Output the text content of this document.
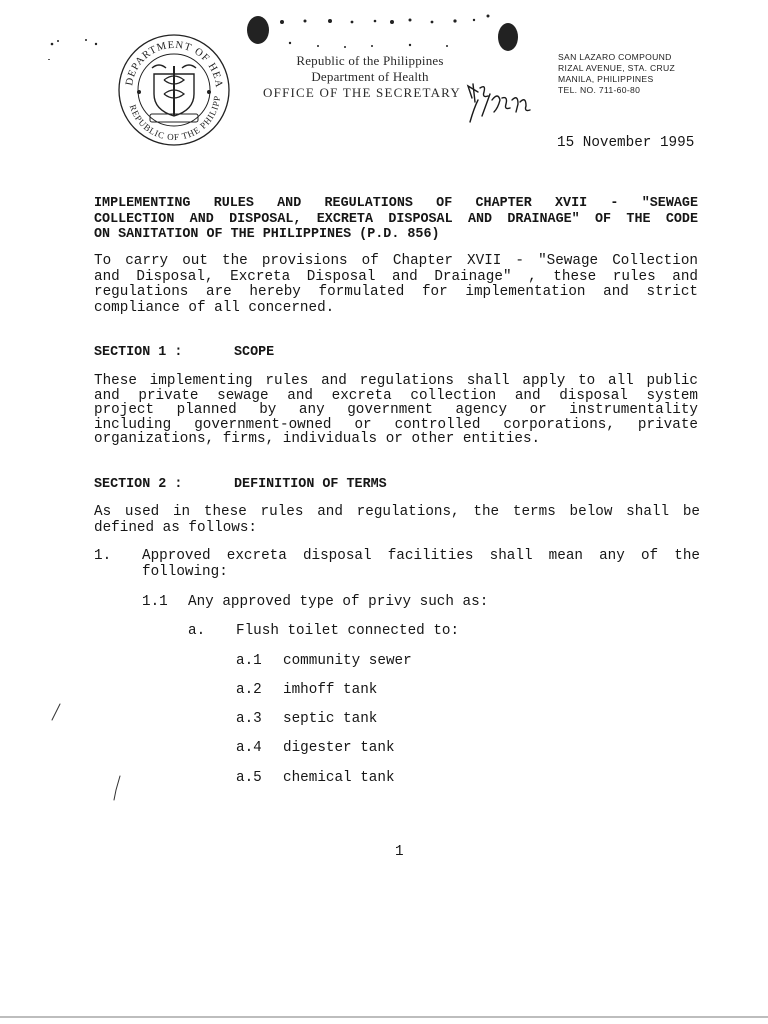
DEPARTMENT OF HEA
REPUBLIC OF THE PHILIPP
Republic of the Philippines
Department of Health
OFFICE OF THE SECRETARY
SAN LAZARO COMPOUND
RIZAL AVENUE, STA. CRUZ
MANILA, PHILIPPINES
TEL. NO. 711-60-80
15 November 1995
IMPLEMENTING RULES AND REGULATIONS OF CHAPTER XVII - "SEWAGE
COLLECTION AND DISPOSAL, EXCRETA DISPOSAL AND DRAINAGE" OF THE CODE
ON SANITATION OF THE PHILIPPINES (P.D. 856)
To carry out the provisions of Chapter XVII - "Sewage Collection
and Disposal, Excreta Disposal and Drainage" , these rules and
regulations are hereby formulated for implementation and strict
compliance of all concerned.
SECTION 1 :	SCOPE
These implementing rules and regulations shall apply to all public
and private sewage and excreta collection and disposal system
project planned by any government agency or instrumentality
including government-owned or controlled corporations, private
organizations, firms, individuals or other entities.
SECTION 2 :	DEFINITION OF TERMS
As used in these rules and regulations, the terms below shall be
defined as follows:
1. Approved excreta disposal facilities shall mean any of the
following:
1.1 Any approved type of privy such as:
a. Flush toilet connected to:
a.1 community sewer
a.2 imhoff tank
a.3 septic tank
a.4 digester tank
a.5 chemical tank
1
